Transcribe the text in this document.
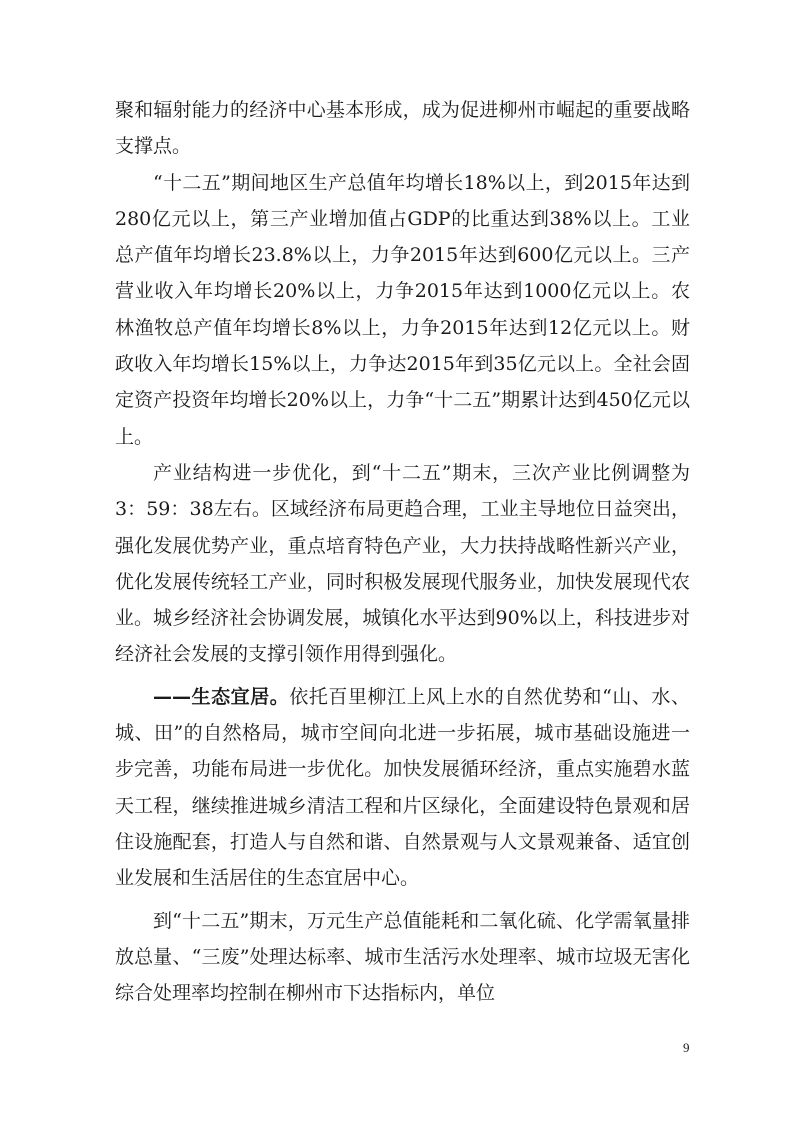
聚和辐射能力的经济中心基本形成，成为促进柳州市崛起的重要战略支撑点。

“十二五”期间地区生产总值年均增长18%以上，到2015年达到280亿元以上，第三产业增加值占GDP的比重达到38%以上。工业总产值年均增长23.8%以上，力争2015年达到600亿元以上。三产营业收入年均增长20%以上，力争2015年达到1000亿元以上。农林渔牧总产值年均增长8%以上，力争2015年达到12亿元以上。财政收入年均增长15%以上，力争达2015年到35亿元以上。全社会固定资产投资年均增长20%以上，力争“十二五”期累计达到450亿元以上。

产业结构进一步优化，到“十二五”期末，三次产业比例调整为3：59：38左右。区域经济布局更趋合理，工业主导地位日益突出，强化发展优势产业，重点培育特色产业，大力扶持战略性新兴产业，优化发展传统轻工产业，同时积极发展现代服务业，加快发展现代农业。城乡经济社会协调发展，城镇化水平达到90%以上，科技进步对经济社会发展的支撑引领作用得到强化。

——生态宜居。依托百里柳江上风上水的自然优势和“山、水、城、田”的自然格局，城市空间向北进一步拓展，城市基础设施进一步完善，功能布局进一步优化。加快发展循环经济，重点实施碧水蓝天工程，继续推进城乡清洁工程和片区绿化，全面建设特色景观和居住设施配套，打造人与自然和谐、自然景观与人文景观兼备、适宜创业发展和生活居住的生态宜居中心。

到“十二五”期末，万元生产总值能耗和二氧化硫、化学需氧量排放总量、“三废”处理达标率、城市生活污水处理率、城市垃圾无害化综合处理率均控制在柳州市下达指标内，单位

9
